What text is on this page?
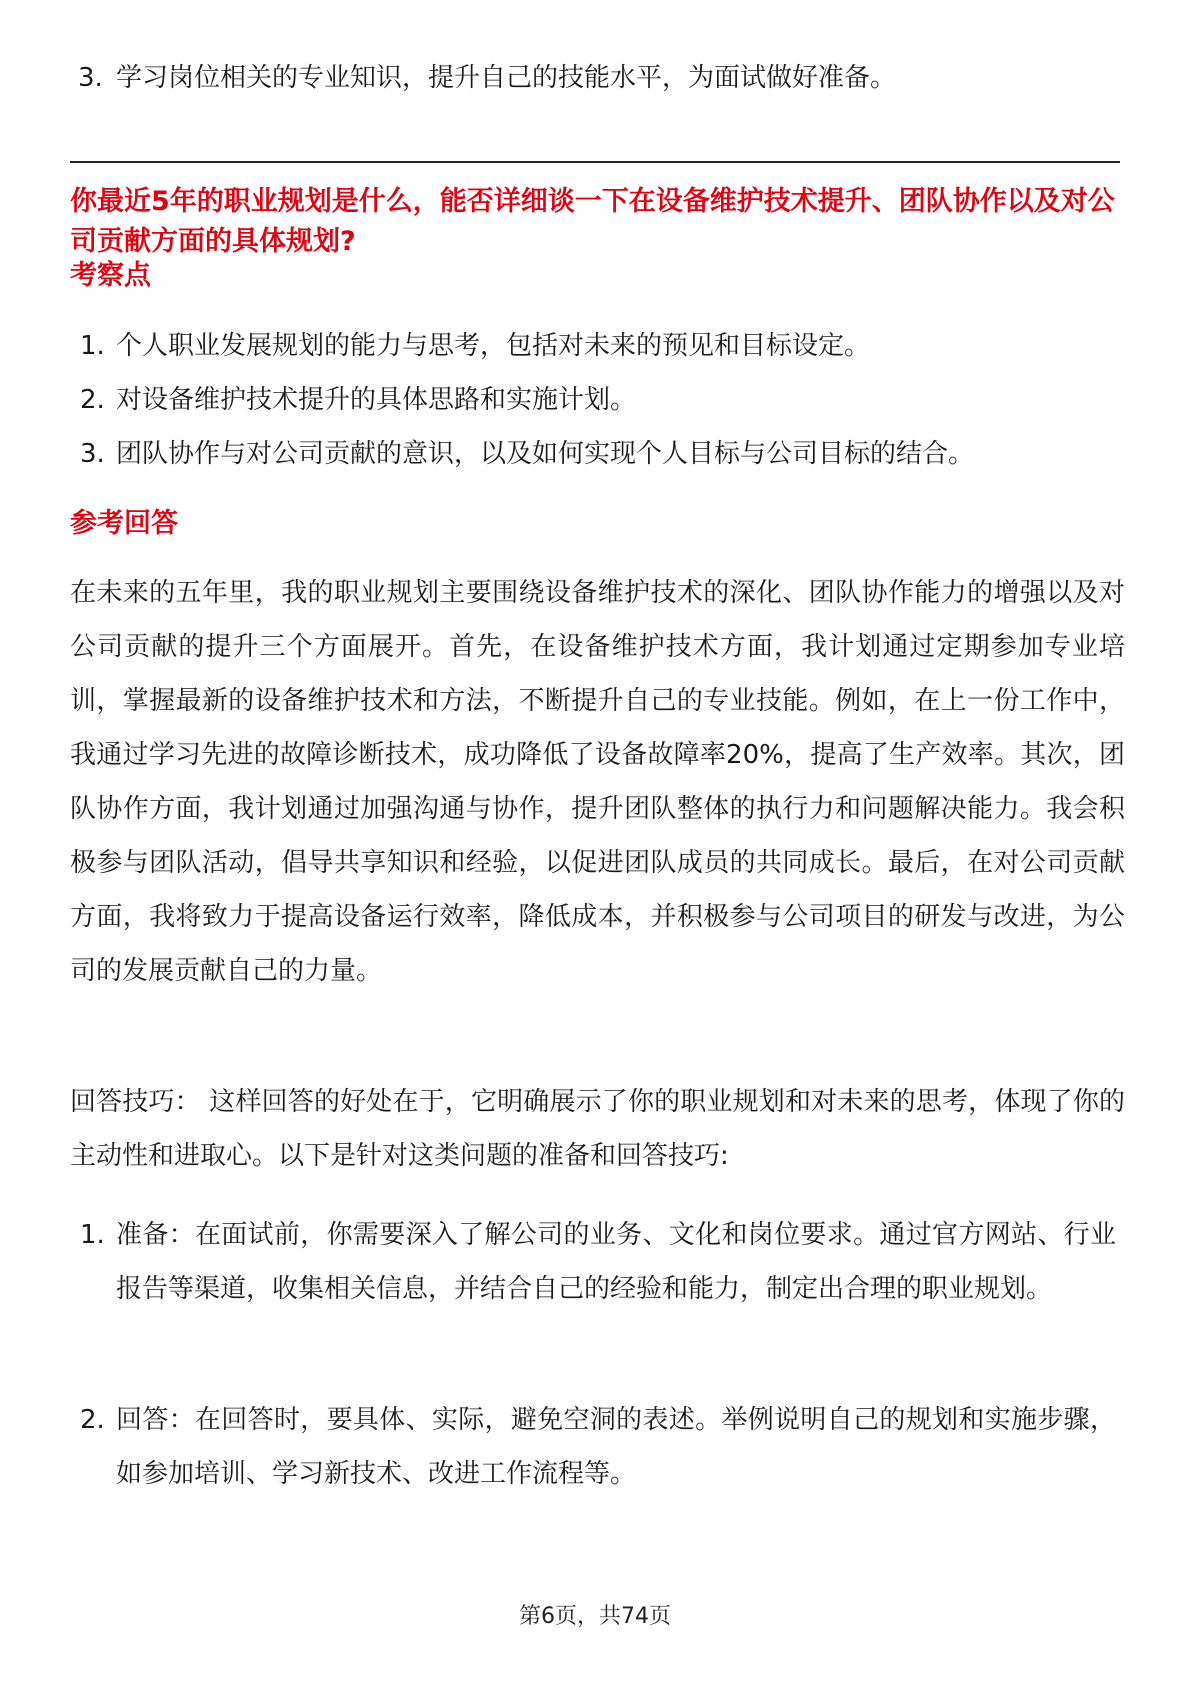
3. 学习岗位相关的专业知识，提升自己的技能水平，为面试做好准备。

你最近5年的职业规划是什么，能否详细谈一下在设备维护技术提升、团队协作以及对公司贡献方面的具体规划?

考察点
1. 个人职业发展规划的能力与思考，包括对未来的预见和目标设定。
2. 对设备维护技术提升的具体思路和实施计划。
3. 团队协作与对公司贡献的意识，以及如何实现个人目标与公司目标的结合。
参考回答

在未来的五年里，我的职业规划主要围绕设备维护技术的深化、团队协作能力的增强以及对公司贡献的提升三个方面展开。首先，在设备维护技术方面，我计划通过定期参加专业培训，掌握最新的设备维护技术和方法，不断提升自己的专业技能。例如，在上一份工作中，我通过学习先进的故障诊断技术，成功降低了设备故障率20%，提高了生产效率。其次，团队协作方面，我计划通过加强沟通与协作，提升团队整体的执行力和问题解决能力。我会积极参与团队活动，倡导共享知识和经验，以促进团队成员的共同成长。最后，在对公司贡献方面，我将致力于提高设备运行效率，降低成本，并积极参与公司项目的研发与改进，为公司的发展贡献自己的力量。

回答技巧： 这样回答的好处在于，它明确展示了你的职业规划和对未来的思考，体现了你的主动性和进取心。以下是针对这类问题的准备和回答技巧:

1. 准备：在面试前，你需要深入了解公司的业务、文化和岗位要求。通过官方网站、行业报告等渠道，收集相关信息，并结合自己的经验和能力，制定出合理的职业规划。

2. 回答：在回答时，要具体、实际，避免空洞的表述。举例说明自己的规划和实施步骤，如参加培训、学习新技术、改进工作流程等。

第6页，共74页
